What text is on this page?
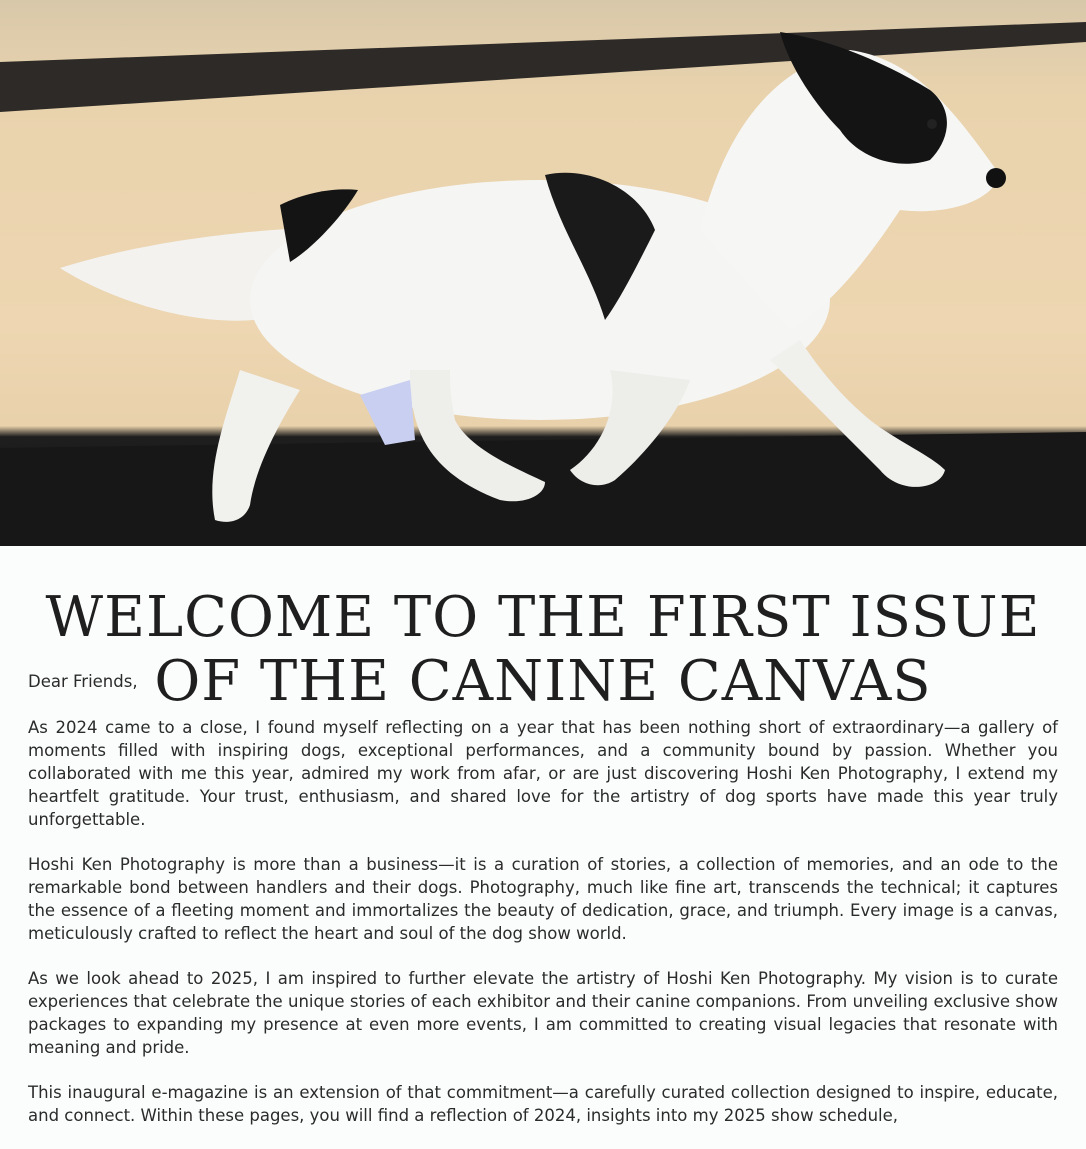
WELCOME TO THE FIRST ISSUE OF THE CANINE CANVAS

Dear Friends,

As 2024 came to a close, I found myself reflecting on a year that has been nothing short of extraordinary—a gallery of moments filled with inspiring dogs, exceptional performances, and a community bound by passion. Whether you collaborated with me this year, admired my work from afar, or are just discovering Hoshi Ken Photography, I extend my heartfelt gratitude. Your trust, enthusiasm, and shared love for the artistry of dog sports have made this year truly unforgettable.

Hoshi Ken Photography is more than a business—it is a curation of stories, a collection of memories, and an ode to the remarkable bond between handlers and their dogs. Photography, much like fine art, transcends the technical; it captures the essence of a fleeting moment and immortalizes the beauty of dedication, grace, and triumph. Every image is a canvas, meticulously crafted to reflect the heart and soul of the dog show world.

As we look ahead to 2025, I am inspired to further elevate the artistry of Hoshi Ken Photography. My vision is to curate experiences that celebrate the unique stories of each exhibitor and their canine companions. From unveiling exclusive show packages to expanding my presence at even more events, I am committed to creating visual legacies that resonate with meaning and pride.

This inaugural e-magazine is an extension of that commitment—a carefully curated collection designed to inspire, educate, and connect. Within these pages, you will find a reflection of 2024, insights into my 2025 show schedule,
